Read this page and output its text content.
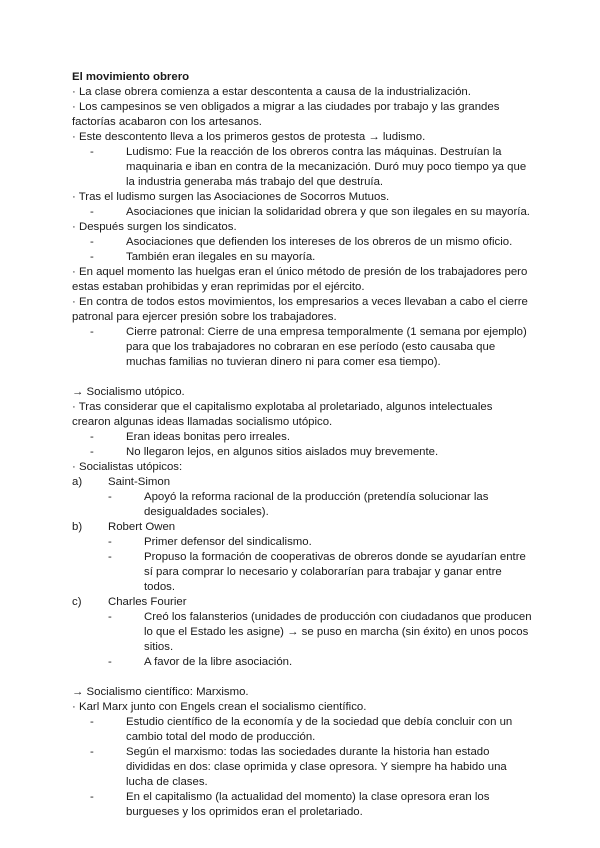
El movimiento obrero
· La clase obrera comienza a estar descontenta a causa de la industrialización.
· Los campesinos se ven obligados a migrar a las ciudades por trabajo y las grandes factorías acabaron con los artesanos.
· Este descontento lleva a los primeros gestos de protesta → ludismo.
-	Ludismo: Fue la reacción de los obreros contra las máquinas. Destruían la maquinaria e iban en contra de la mecanización. Duró muy poco tiempo ya que la industria generaba más trabajo del que destruía.
· Tras el ludismo surgen las Asociaciones de Socorros Mutuos.
-	Asociaciones que inician la solidaridad obrera y que son ilegales en su mayoría.
· Después surgen los sindicatos.
-	Asociaciones que defienden los intereses de los obreros de un mismo oficio.
-	También eran ilegales en su mayoría.
· En aquel momento las huelgas eran el único método de presión de los trabajadores pero estas estaban prohibidas y eran reprimidas por el ejército.
· En contra de todos estos movimientos, los empresarios a veces llevaban a cabo el cierre patronal para ejercer presión sobre los trabajadores.
-	Cierre patronal: Cierre de una empresa temporalmente (1 semana por ejemplo) para que los trabajadores no cobraran en ese período (esto causaba que muchas familias no tuvieran dinero ni para comer esa tiempo).
→ Socialismo utópico.
· Tras considerar que el capitalismo explotaba al proletariado, algunos intelectuales crearon algunas ideas llamadas socialismo utópico.
-	Eran ideas bonitas pero irreales.
-	No llegaron lejos, en algunos sitios aislados muy brevemente.
· Socialistas utópicos:
a) Saint-Simon
-	Apoyó la reforma racional de la producción (pretendía solucionar las desigualdades sociales).
b) Robert Owen
-	Primer defensor del sindicalismo.
-	Propuso la formación de cooperativas de obreros donde se ayudarían entre sí para comprar lo necesario y colaborarían para trabajar y ganar entre todos.
c) Charles Fourier
-	Creó los falansterios (unidades de producción con ciudadanos que producen lo que el Estado les asigne) → se puso en marcha (sin éxito) en unos pocos sitios.
-	A favor de la libre asociación.
→ Socialismo científico: Marxismo.
· Karl Marx junto con Engels crean el socialismo científico.
-	Estudio científico de la economía y de la sociedad que debía concluir con un cambio total del modo de producción.
-	Según el marxismo: todas las sociedades durante la historia han estado divididas en dos: clase oprimida y clase opresora. Y siempre ha habido una lucha de clases.
-	En el capitalismo (la actualidad del momento) la clase opresora eran los burgueses y los oprimidos eran el proletariado.
